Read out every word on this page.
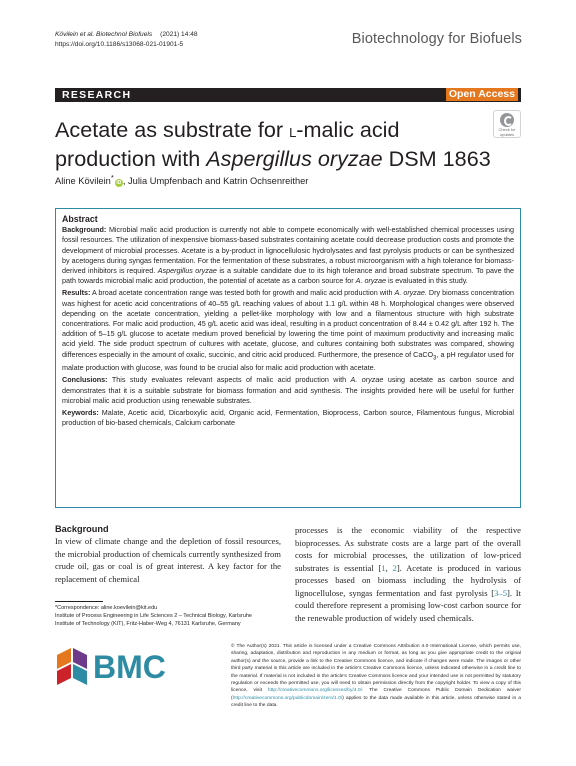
Kövilein et al. Biotechnol Biofuels (2021) 14:48
https://doi.org/10.1186/s13068-021-01901-5	Biotechnology for Biofuels
RESEARCH	Open Access
Check for updates
Acetate as substrate for l-malic acid production with Aspergillus oryzae DSM 1863
Aline Kövilein*iD , Julia Umpfenbach and Katrin Ochsenreither
Abstract

Background: Microbial malic acid production is currently not able to compete economically with well-established chemical processes using fossil resources. The utilization of inexpensive biomass-based substrates containing acetate could decrease production costs and promote the development of microbial processes. Acetate is a by-product in lignocellulosic hydrolysates and fast pyrolysis products or can be synthesized by acetogens during syngas fermentation. For the fermentation of these substrates, a robust microorganism with a high tolerance for biomass-derived inhibitors is required. Aspergillus oryzae is a suitable candidate due to its high tolerance and broad substrate spectrum. To pave the path towards microbial malic acid production, the potential of acetate as a carbon source for A. oryzae is evaluated in this study.

Results: A broad acetate concentration range was tested both for growth and malic acid production with A. oryzae. Dry biomass concentration was highest for acetic acid concentrations of 40–55 g/L reaching values of about 1.1 g/L within 48 h. Morphological changes were observed depending on the acetate concentration, yielding a pellet-like morphology with low and a filamentous structure with high substrate concentrations. For malic acid production, 45 g/L acetic acid was ideal, resulting in a product concentration of 8.44 ± 0.42 g/L after 192 h. The addition of 5–15 g/L glucose to acetate medium proved beneficial by lowering the time point of maximum productivity and increasing malic acid yield. The side product spectrum of cultures with acetate, glucose, and cultures containing both substrates was compared, showing differences especially in the amount of oxalic, succinic, and citric acid produced. Furthermore, the presence of CaCO$_3$, a pH regulator used for malate production with glucose, was found to be crucial also for malic acid production with acetate.

Conclusions: This study evaluates relevant aspects of malic acid production with A. oryzae using acetate as carbon source and demonstrates that it is a suitable substrate for biomass formation and acid synthesis. The insights provided here will be useful for further microbial malic acid production using renewable substrates.

Keywords: Malate, Acetic acid, Dicarboxylic acid, Organic acid, Fermentation, Bioprocess, Carbon source, Filamentous fungus, Microbial production of bio-based chemicals, Calcium carbonate

Background
In view of climate change and the depletion of fossil resources, the microbial production of chemicals currently synthesized from crude oil, gas or coal is of great interest. A key factor for the replacement of chemical
processes is the economic viability of the respective bioprocesses. As substrate costs are a large part of the overall costs for microbial processes, the utilization of low-priced substrates is essential [1, 2]. Acetate is produced in various processes based on biomass including the hydrolysis of lignocellulose, syngas fermentation and fast pyrolysis [3–5]. It could therefore represent a promising low-cost carbon source for the renewable production of widely used chemicals.
*Correspondence: aline.koevilein@kit.edu
Institute of Process Engineering in Life Sciences 2 – Technical Biology, Karlsruhe Institute of Technology (KIT), Fritz-Haber-Weg 4, 76131 Karlsruhe, Germany
BMC
© The Author(s) 2021. This article is licensed under a Creative Commons Attribution 4.0 International License, which permits use, sharing, adaptation, distribution and reproduction in any medium or format, as long as you give appropriate credit to the original author(s) and the source, provide a link to the Creative Commons licence, and indicate if changes were made. The images or other third party material in this article are included in the article's Creative Commons licence, unless indicated otherwise in a credit line to the material. If material is not included in the article's Creative Commons licence and your intended use is not permitted by statutory regulation or exceeds the permitted use, you will need to obtain permission directly from the copyright holder. To view a copy of this licence, visit http://creativecommons.org/licenses/by/4.0/. The Creative Commons Public Domain Dedication waiver (http://creativecommons.org/publicdomain/zero/1.0/) applies to the data made available in this article, unless otherwise stated in a credit line to the data.
